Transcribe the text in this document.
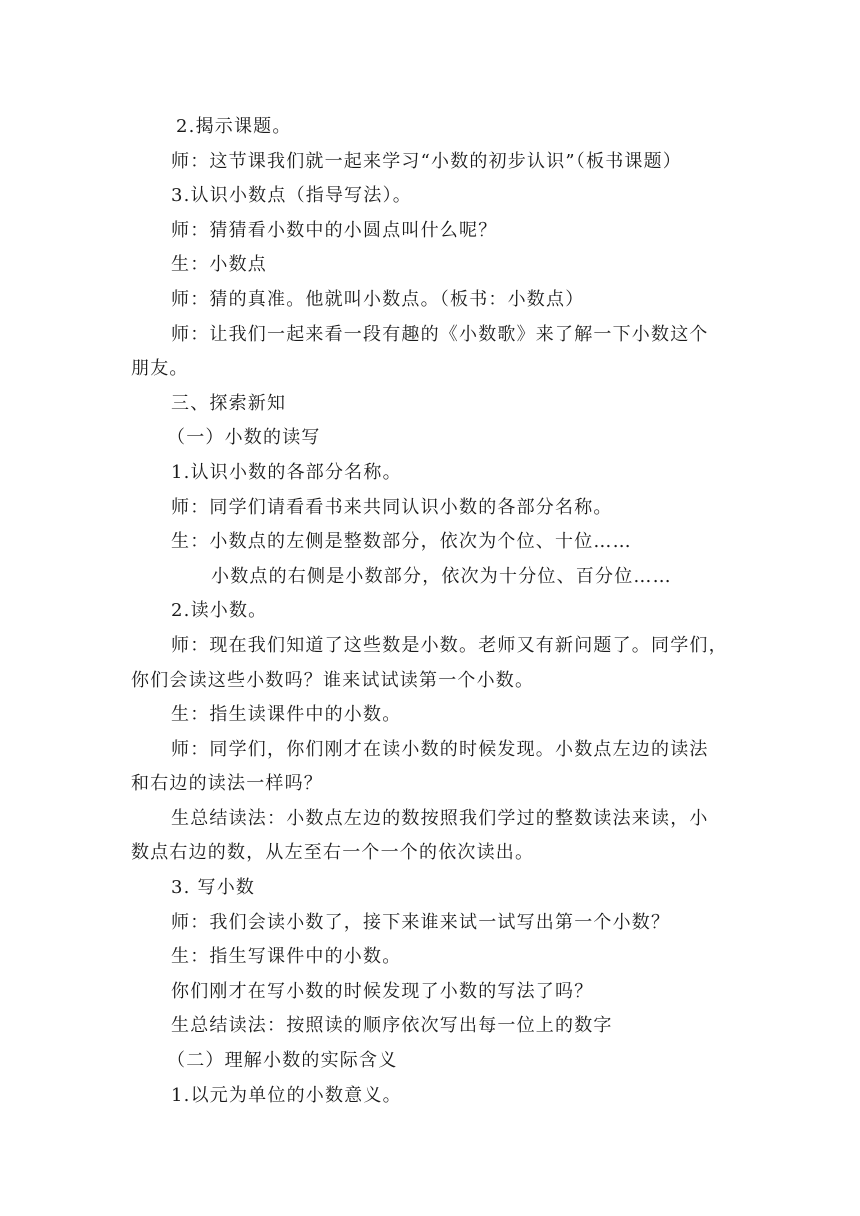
2.揭示课题。
师：这节课我们就一起来学习“小数的初步认识”（板书课题）
3.认识小数点（指导写法）。
师：猜猜看小数中的小圆点叫什么呢？
生：小数点
师：猜的真准。他就叫小数点。（板书：小数点）
师：让我们一起来看一段有趣的《小数歌》来了解一下小数这个
朋友。
三、探索新知
（一）小数的读写
1.认识小数的各部分名称。
师：同学们请看看书来共同认识小数的各部分名称。
生：小数点的左侧是整数部分，依次为个位、十位……
小数点的右侧是小数部分，依次为十分位、百分位……
2.读小数。
师：现在我们知道了这些数是小数。老师又有新问题了。同学们，
你们会读这些小数吗？谁来试试读第一个小数。
生：指生读课件中的小数。
师：同学们，你们刚才在读小数的时候发现。小数点左边的读法
和右边的读法一样吗？
生总结读法：小数点左边的数按照我们学过的整数读法来读，小
数点右边的数，从左至右一个一个的依次读出。
3. 写小数
师：我们会读小数了，接下来谁来试一试写出第一个小数？
生：指生写课件中的小数。
你们刚才在写小数的时候发现了小数的写法了吗？
生总结读法：按照读的顺序依次写出每一位上的数字
（二）理解小数的实际含义
1.以元为单位的小数意义。
